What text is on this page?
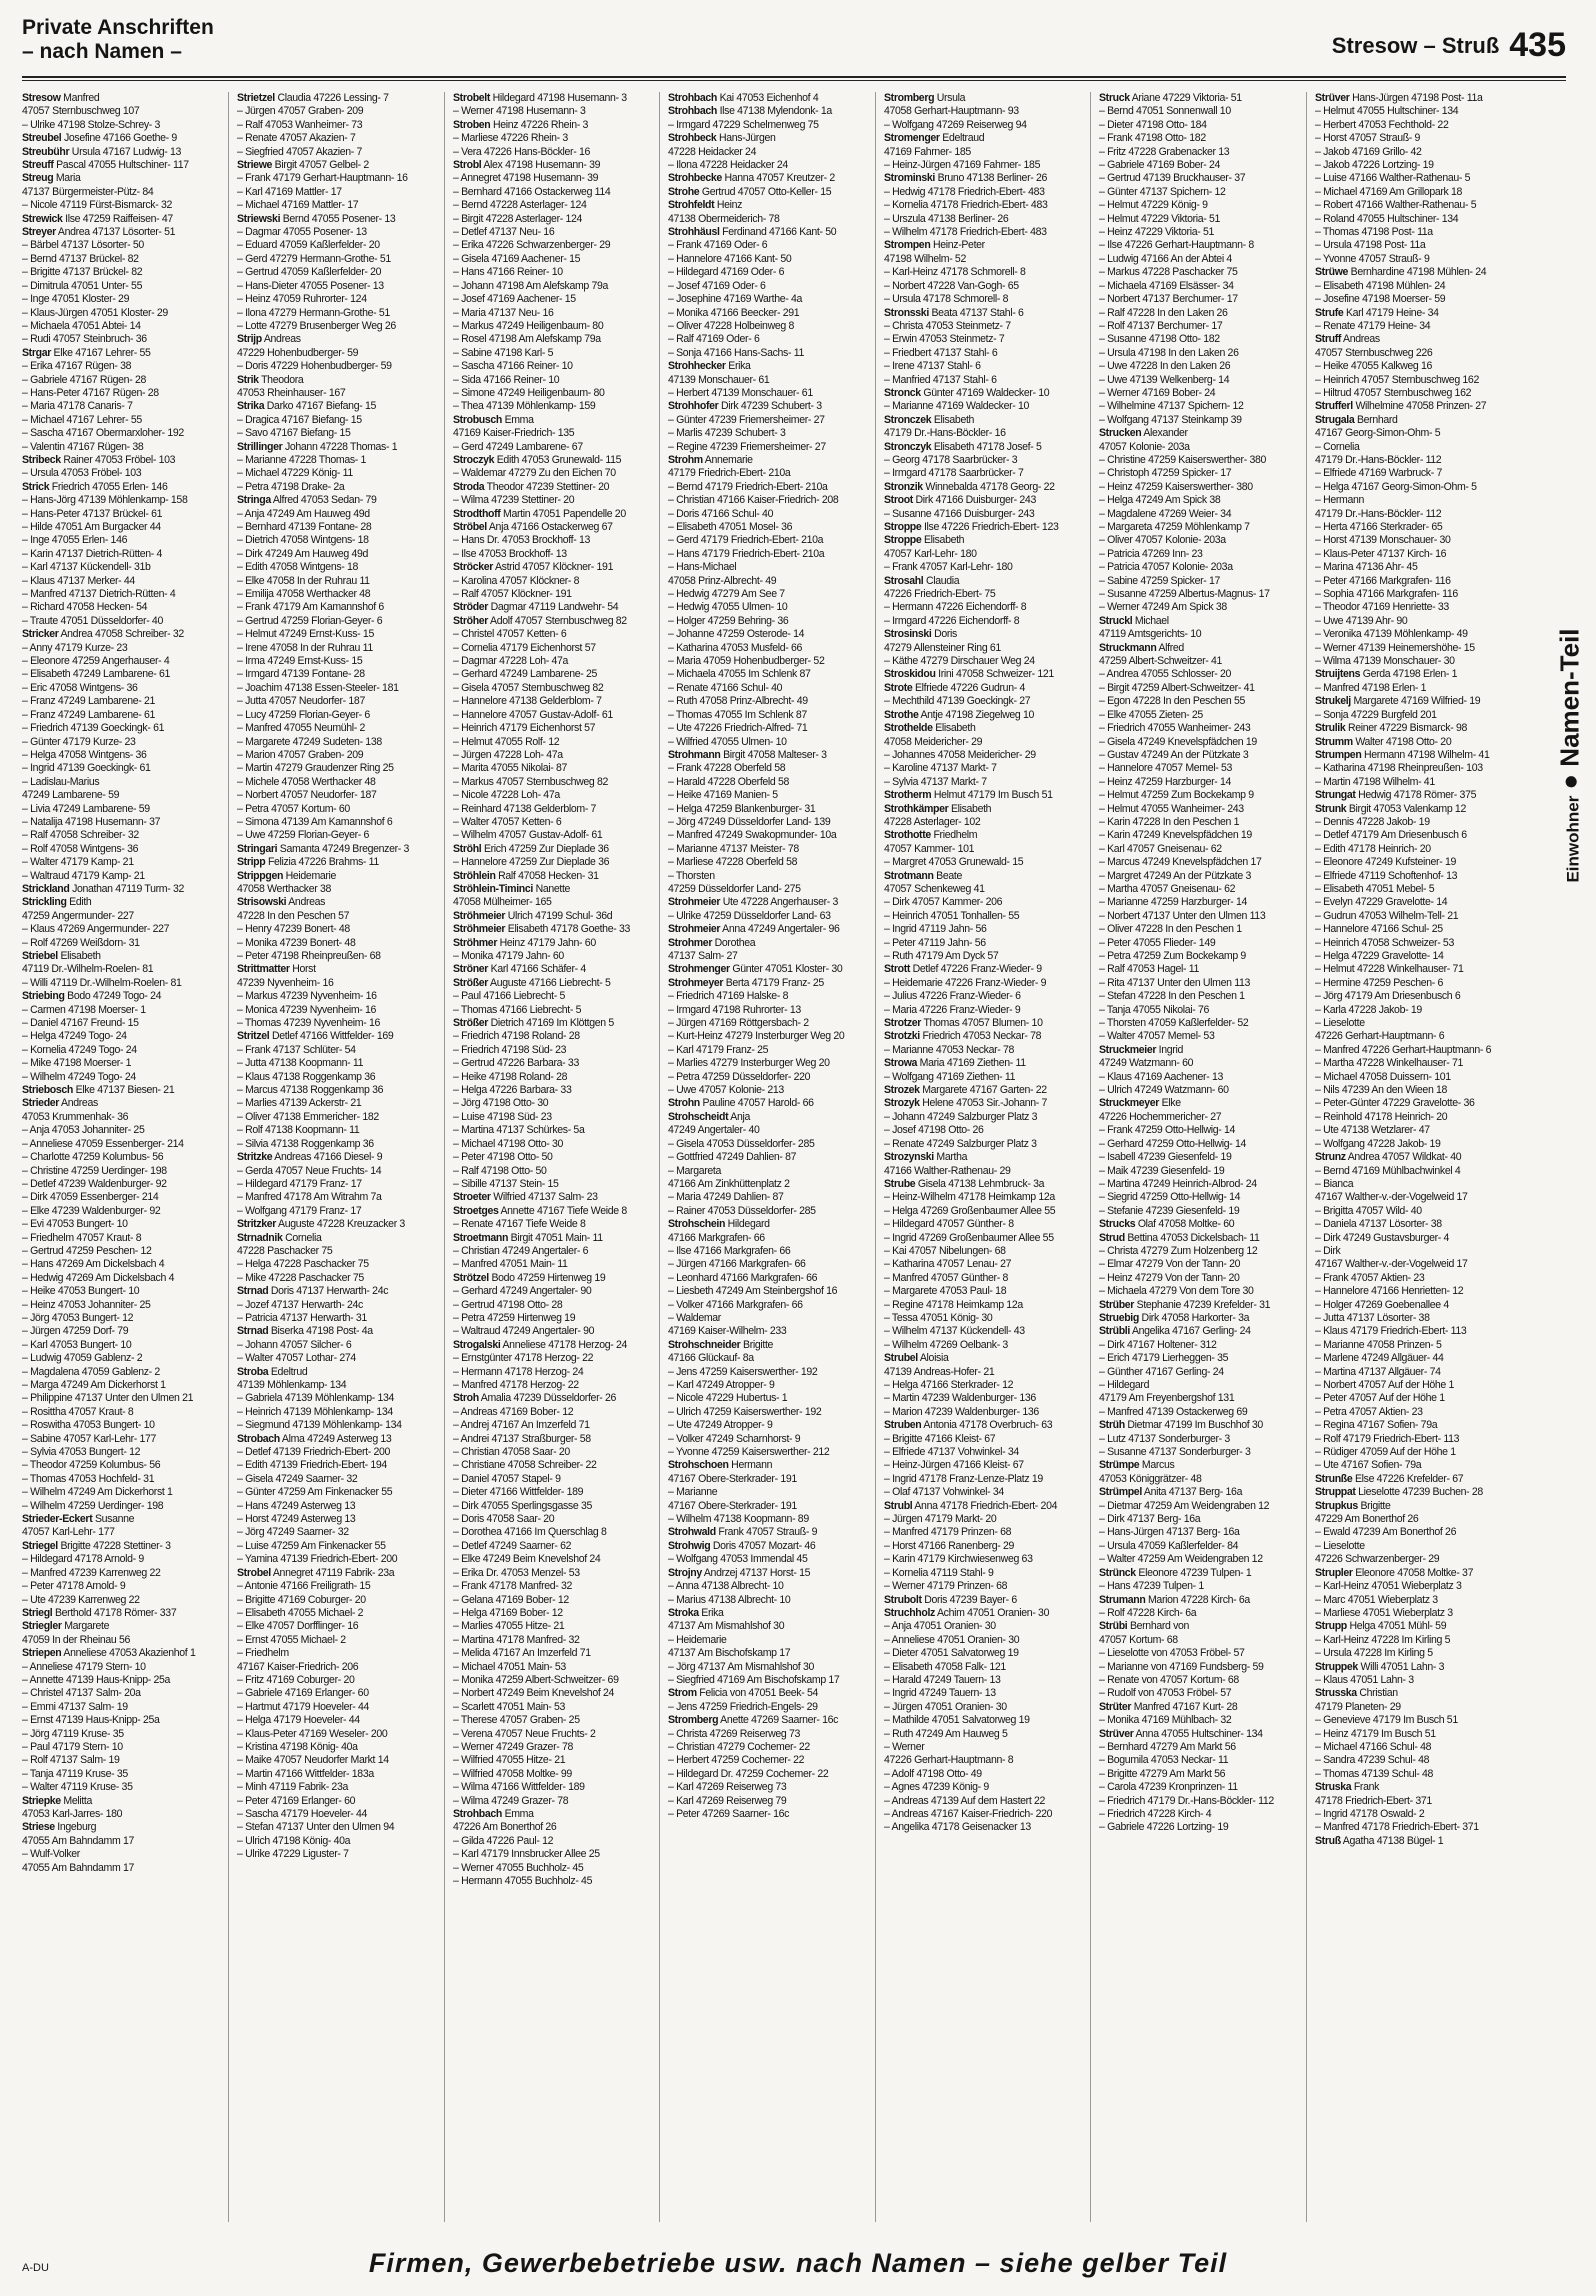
Private Anschriften
– nach Namen –	Stresow – Struß 435
Stresow Manfred
47057 Sternbuschweg 107
– Ulrike 47198 Stolze-Schrey- 3
Streubel Josefine 47166 Goethe- 9
Streubühr Ursula 47167 Ludwig- 13
Streuff Pascal 47055 Hultschiner- 117
Streug Maria
47137 Bürgermeister-Pütz- 84
– Nicole 47119 Fürst-Bismarck- 32
Strewick Ilse 47259 Raiffeisen- 47
Streyer Andrea 47137 Lösorter- 51
– Bärbel 47137 Lösorter- 50
– Bernd 47137 Brückel- 82
– Brigitte 47137 Brückel- 82
– Dimitrula 47051 Unter- 55
– Inge 47051 Kloster- 29
– Klaus-Jürgen 47051 Kloster- 29
– Michaela 47051 Abtei- 14
– Rudi 47057 Steinbruch- 36
Strgar Elke 47167 Lehrer- 55
– Erika 47167 Rügen- 38
– Gabriele 47167 Rügen- 28
– Hans-Peter 47167 Rügen- 28
– Maria 47178 Canaris- 7
– Michael 47167 Lehrer- 55
– Sascha 47167 Obermarxloher- 192
– Valentin 47167 Rügen- 38
Stribeck Rainer 47053 Fröbel- 103
– Ursula 47053 Fröbel- 103
Strick Friedrich 47055 Erlen- 146
– Hans-Jörg 47139 Möhlenkamp- 158
– Hans-Peter 47137 Brückel- 61
– Hilde 47051 Am Burgacker 44
– Inge 47055 Erlen- 146
– Karin 47137 Dietrich-Rütten- 4
– Karl 47137 Kückendell- 31b
– Klaus 47137 Merker- 44
– Manfred 47137 Dietrich-Rütten- 4
– Richard 47058 Hecken- 54
– Traute 47051 Düsseldorfer- 40
Stricker Andrea 47058 Schreiber- 32
– Anny 47179 Kurze- 23
– Eleonore 47259 Angerhauser- 4
– Elisabeth 47249 Lambarene- 61
– Eric 47058 Wintgens- 36
– Franz 47249 Lambarene- 21
– Franz 47249 Lambarene- 61
– Friedrich 47139 Goeckingk- 61
– Günter 47179 Kurze- 23
– Helga 47058 Wintgens- 36
– Ingrid 47139 Goeckingk- 61
– Ladislau-Marius
47249 Lambarene- 59
– Livia 47249 Lambarene- 59
– Natalija 47198 Husemann- 37
– Ralf 47058 Schreiber- 32
– Rolf 47058 Wintgens- 36
– Walter 47179 Kamp- 21
– Waltraud 47179 Kamp- 21
Strickland Jonathan 47119 Turm- 32
Strickling Edith
47259 Angermunder- 227
– Klaus 47269 Angermunder- 227
– Rolf 47269 Weißdorn- 31
Striebel Elisabeth
47119 Dr.-Wilhelm-Roelen- 81
– Willi 47119 Dr.-Wilhelm-Roelen- 81
Striebing Bodo 47249 Togo- 24
– Carmen 47198 Moerser- 1
– Daniel 47167 Freund- 15
– Helga 47249 Togo- 24
– Kornelia 47249 Togo- 24
– Mike 47198 Moerser- 1
– Wilhelm 47249 Togo- 24
Striebosch Elke 47137 Biesen- 21
Strieder Andreas
47053 Krummenhak- 36
– Anja 47053 Johanniter- 25
– Anneliese 47059 Essenberger- 214
– Charlotte 47259 Kolumbus- 56
– Christine 47259 Uerdinger- 198
– Detlef 47239 Waldenburger- 92
– Dirk 47059 Essenberger- 214
– Elke 47239 Waldenburger- 92
– Evi 47053 Bungert- 10
– Friedhelm 47057 Kraut- 8
– Gertrud 47259 Peschen- 12
– Hans 47269 Am Dickelsbach 4
– Hedwig 47269 Am Dickelsbach 4
– Heike 47053 Bungert- 10
– Heinz 47053 Johanniter- 25
– Jörg 47053 Bungert- 12
– Jürgen 47259 Dorf- 79
– Karl 47053 Bungert- 10
– Ludwig 47059 Gablenz- 2
– Magdalena 47059 Gablenz- 2
– Marga 47249 Am Dickerhorst 1
– Philippine 47137 Unter den Ulmen 21
– Rosittha 47057 Kraut- 8
– Roswitha 47053 Bungert- 10
– Sabine 47057 Karl-Lehr- 177
– Sylvia 47053 Bungert- 12
– Theodor 47259 Kolumbus- 56
– Thomas 47053 Hochfeld- 31
– Wilhelm 47249 Am Dickerhorst 1
– Wilhelm 47259 Uerdinger- 198
Strieder-Eckert Susanne
47057 Karl-Lehr- 177
Striegel Brigitte 47228 Stettiner- 3
– Hildegard 47178 Arnold- 9
– Manfred 47239 Karrenweg 22
– Peter 47178 Arnold- 9
– Ute 47239 Karrenweg 22
Striegl Berthold 47178 Römer- 337
Striegler Margarete
47059 In der Rheinau 56
Striepen Anneliese 47053 Akazienhof 1
– Anneliese 47179 Stern- 10
– Annette 47139 Haus-Knipp- 25a
– Christel 47137 Salm- 20a
– Emmi 47137 Salm- 19
– Ernst 47139 Haus-Knipp- 25a
– Jörg 47119 Kruse- 35
– Paul 47179 Stern- 10
– Rolf 47137 Salm- 19
– Tanja 47119 Kruse- 35
– Walter 47119 Kruse- 35
Striepke Melitta
47053 Karl-Jarres- 180
Striese Ingeburg
47055 Am Bahndamm 17
– Wulf-Volker
47055 Am Bahndamm 17
Strietzel Claudia 47226 Lessing- 7
– Jürgen 47057 Graben- 209
– Ralf 47053 Wanheimer- 73
– Renate 47057 Akazien- 7
– Siegfried 47057 Akazien- 7
Striewe Birgit 47057 Gelbel- 2
– Frank 47179 Gerhart-Hauptmann- 16
– Karl 47169 Mattler- 17
– Michael 47169 Mattler- 17
Striewski Bernd 47055 Posener- 13
– Dagmar 47055 Posener- 13
– Eduard 47059 Kaßlerfelder- 20
– Gerd 47279 Hermann-Grothe- 51
– Gertrud 47059 Kaßlerfelder- 20
– Hans-Dieter 47055 Posener- 13
– Heinz 47059 Ruhrorter- 124
– Ilona 47279 Hermann-Grothe- 51
– Lotte 47279 Brusenberger Weg 26
Strijp Andreas
47229 Hohenbudberger- 59
– Doris 47229 Hohenbudberger- 59
Strik Theodora
47053 Rheinhauser- 167
Strika Darko 47167 Biefang- 15
– Dragica 47167 Biefang- 15
– Savo 47167 Biefang- 15
Strillinger Johann 47228 Thomas- 1
– Marianne 47228 Thomas- 1
– Michael 47229 König- 11
– Petra 47198 Drake- 2a
Stringa Alfred 47053 Sedan- 79
– Anja 47249 Am Hauweg 49d
– Bernhard 47139 Fontane- 28
– Dietrich 47058 Wintgens- 18
– Dirk 47249 Am Hauweg 49d
– Edith 47058 Wintgens- 18
– Elke 47058 In der Ruhrau 11
– Emilija 47058 Werthacker 48
– Frank 47179 Am Kamannshof 6
– Gertrud 47259 Florian-Geyer- 6
– Helmut 47249 Ernst-Kuss- 15
– Irene 47058 In der Ruhrau 11
– Irma 47249 Ernst-Kuss- 15
– Irmgard 47139 Fontane- 28
– Joachim 47138 Essen-Steeler- 181
– Jutta 47057 Neudorfer- 187
– Lucy 47259 Florian-Geyer- 6
– Manfred 47055 Neumühl- 2
– Margarete 47249 Sudeten- 138
– Marion 47057 Graben- 209
– Martin 47279 Graudenzer Ring 25
– Michele 47058 Werthacker 48
– Norbert 47057 Neudorfer- 187
– Petra 47057 Kortum- 60
– Simona 47139 Am Kamannshof 6
– Uwe 47259 Florian-Geyer- 6
Stringari Samanta 47249 Bregenzer- 3
Stripp Felizia 47226 Brahms- 11
Strippgen Heidemarie
47058 Werthacker 38
Strisowski Andreas
47228 In den Peschen 57
– Henry 47239 Bonert- 48
– Monika 47239 Bonert- 48
– Peter 47198 Rheinpreußen- 68
Strittmatter Horst
47239 Nyvenheim- 16
– Markus 47239 Nyvenheim- 16
– Monica 47239 Nyvenheim- 16
– Thomas 47239 Nyvenheim- 16
Stritzel Detlef 47166 Wittfelder- 169
– Frank 47137 Schlüter- 54
– Jutta 47138 Koopmann- 11
– Klaus 47138 Roggenkamp 36
– Marcus 47138 Roggenkamp 36
– Marlies 47139 Ackerstr- 21
– Oliver 47138 Emmericher- 182
– Rolf 47138 Koopmann- 11
– Silvia 47138 Roggenkamp 36
Stritzke Andreas 47166 Diesel- 9
– Gerda 47057 Neue Fruchts- 14
– Hildegard 47179 Franz- 17
– Manfred 47178 Am Witrahm 7a
– Wolfgang 47179 Franz- 17
Stritzker Auguste 47228 Kreuzacker 3
Strnadnik Cornelia
47228 Paschacker 75
– Helga 47228 Paschacker 75
– Mike 47228 Paschacker 75
Strnad Doris 47137 Herwarth- 24c
– Jozef 47137 Herwarth- 24c
– Patricia 47137 Herwarth- 31
Strnad Biserka 47198 Post- 4a
– Johann 47057 Silcher- 6
– Walter 47057 Lothar- 274
Stroba Edeltrud
47139 Möhlenkamp- 134
– Gabriela 47139 Möhlenkamp- 134
– Heinrich 47139 Möhlenkamp- 134
– Siegmund 47139 Möhlenkamp- 134
Strobach Alma 47249 Asterweg 13
– Detlef 47139 Friedrich-Ebert- 200
– Edith 47139 Friedrich-Ebert- 194
– Gisela 47249 Saarner- 32
– Günter 47259 Am Finkenacker 55
– Hans 47249 Asterweg 13
– Horst 47249 Asterweg 13
– Jörg 47249 Saarner- 32
– Luise 47259 Am Finkenacker 55
– Yamina 47139 Friedrich-Ebert- 200
Strobel Annegret 47119 Fabrik- 23a
– Antonie 47166 Freiligrath- 15
– Brigitte 47169 Coburger- 20
– Elisabeth 47055 Michael- 2
– Elke 47057 Dorfflinger- 16
– Ernst 47055 Michael- 2
– Friedhelm
47167 Kaiser-Friedrich- 206
– Fritz 47169 Coburger- 20
– Gabriele 47169 Erlanger- 60
– Hartmut 47179 Hoeveler- 44
– Helga 47179 Hoeveler- 44
– Klaus-Peter 47169 Weseler- 200
– Kristina 47198 König- 40a
– Maike 47057 Neudorfer Markt 14
– Martin 47166 Wittfelder- 183a
– Minh 47119 Fabrik- 23a
– Peter 47169 Erlanger- 60
– Sascha 47179 Hoeveler- 44
– Stefan 47137 Unter den Ulmen 94
– Ulrich 47198 König- 40a
– Ulrike 47229 Liguster- 7
Strobelt Hildegard 47198 Husemann- 3
– Werner 47198 Husemann- 3
Stroben Heinz 47226 Rhein- 3
– Marliese 47226 Rhein- 3
– Vera 47226 Hans-Böckler- 16
Strobl Alex 47198 Husemann- 39
– Annegret 47198 Husemann- 39
– Bernhard 47166 Ostackerweg 114
– Bernd 47228 Asterlager- 124
– Birgit 47228 Asterlager- 124
– Detlef 47137 Neu- 16
– Erika 47226 Schwarzenberger- 29
– Gisela 47169 Aachener- 15
– Hans 47166 Reiner- 10
– Johann 47198 Am Alefskamp 79a
– Josef 47169 Aachener- 15
– Maria 47137 Neu- 16
– Markus 47249 Heiligenbaum- 80
– Rosel 47198 Am Alefskamp 79a
– Sabine 47198 Karl- 5
– Sascha 47166 Reiner- 10
– Sida 47166 Reiner- 10
– Simone 47249 Heiligenbaum- 80
– Thea 47139 Möhlenkamp- 159
Strobusch Emma
47169 Kaiser-Friedrich- 135
– Gerd 47249 Lambarene- 67
Stroczyk Edith 47053 Grunewald- 115
– Waldemar 47279 Zu den Eichen 70
Stroda Theodor 47239 Stettiner- 20
– Wilma 47239 Stettiner- 20
Strodthoff Martin 47051 Papendelle 20
Ströbel Anja 47166 Ostackerweg 67
– Hans Dr. 47053 Brockhoff- 13
– Ilse 47053 Brockhoff- 13
Ströcker Astrid 47057 Klöckner- 191
– Karolina 47057 Klöckner- 8
– Ralf 47057 Klöckner- 191
Ströder Dagmar 47119 Landwehr- 54
Ströher Adolf 47057 Sternbuschweg 82
– Christel 47057 Ketten- 6
– Cornelia 47179 Eichenhorst 57
– Dagmar 47228 Loh- 47a
– Gerhard 47249 Lambarene- 25
– Gisela 47057 Sternbuschweg 82
– Hannelore 47138 Gelderblom- 7
– Hannelore 47057 Gustav-Adolf- 61
– Heinrich 47179 Eichenhorst 57
– Helmut 47055 Rolf- 12
– Jürgen 47228 Loh- 47a
– Marita 47055 Nikolai- 87
– Markus 47057 Sternbuschweg 82
– Nicole 47228 Loh- 47a
– Reinhard 47138 Gelderblom- 7
– Walter 47057 Ketten- 6
– Wilhelm 47057 Gustav-Adolf- 61
Ströhl Erich 47259 Zur Dieplade 36
– Hannelore 47259 Zur Dieplade 36
Ströhlein Ralf 47058 Hecken- 31
Ströhlein-Timinci Nanette
47058 Mülheimer- 165
Ströhmeier Ulrich 47199 Schul- 36d
Ströhmeier Elisabeth 47178 Goethe- 33
Ströhmer Heinz 47179 Jahn- 60
– Monika 47179 Jahn- 60
Ströner Karl 47166 Schäfer- 4
Strößer Auguste 47166 Liebrecht- 5
– Paul 47166 Liebrecht- 5
– Thomas 47166 Liebrecht- 5
Strößer Dietrich 47169 Im Klöttgen 5
– Friedrich 47198 Roland- 28
– Friedrich 47198 Süd- 23
– Gertrud 47226 Barbara- 33
– Heike 47198 Roland- 28
– Helga 47226 Barbara- 33
– Jörg 47198 Otto- 30
– Luise 47198 Süd- 23
– Martina 47137 Schürkes- 5a
– Michael 47198 Otto- 30
– Peter 47198 Otto- 50
– Ralf 47198 Otto- 50
– Sibille 47137 Stein- 15
Stroeter Wilfried 47137 Salm- 23
Stroetges Annette 47167 Tiefe Weide 8
– Renate 47167 Tiefe Weide 8
Stroetmann Birgit 47051 Main- 11
– Christian 47249 Angertaler- 6
– Manfred 47051 Main- 11
Strötzel Bodo 47259 Hirtenweg 19
– Gerhard 47249 Angertaler- 90
– Gertrud 47198 Otto- 28
– Petra 47259 Hirtenweg 19
– Waltraud 47249 Angertaler- 90
Strogalski Anneliese 47178 Herzog- 24
– Ernstgünter 47178 Herzog- 22
– Hermann 47178 Herzog- 24
– Manfred 47178 Herzog- 22
Stroh Amalia 47239 Düsseldorfer- 26
– Andreas 47169 Bober- 12
– Andrej 47167 An Imzerfeld 71
– Andrei 47137 Straßburger- 58
– Christian 47058 Saar- 20
– Christiane 47058 Schreiber- 22
– Daniel 47057 Stapel- 9
– Dieter 47166 Wittfelder- 189
– Dirk 47055 Sperlingsgasse 35
– Doris 47058 Saar- 20
– Dorothea 47166 Im Querschlag 8
– Detlef 47249 Saarner- 62
– Elke 47249 Beim Knevelshof 24
– Erika Dr. 47053 Menzel- 53
– Frank 47178 Manfred- 32
– Gelana 47169 Bober- 12
– Helga 47169 Bober- 12
– Marlies 47055 Hitze- 21
– Martina 47178 Manfred- 32
– Melida 47167 An Imzerfeld 71
– Michael 47051 Main- 53
– Monika 47259 Albert-Schweitzer- 69
– Norbert 47249 Beim Knevelshof 24
– Scarlett 47051 Main- 53
– Therese 47057 Graben- 25
– Verena 47057 Neue Fruchts- 2
– Werner 47249 Grazer- 78
– Wilfried 47055 Hitze- 21
– Wilfried 47058 Moltke- 99
– Wilma 47166 Wittfelder- 189
– Wilma 47249 Grazer- 78
Strohbach Emma
47226 Am Bonerthof 26
– Gilda 47226 Paul- 12
– Karl 47179 Innsbrucker Allee 25
– Werner 47055 Buchholz- 45
– Hermann 47055 Buchholz- 45
Strohbach Kai 47053 Eichenhof 4
Strohbach Ilse 47138 Mylendonk- 1a
– Irmgard 47229 Schelmenweg 75
Strohbeck Hans-Jürgen
47228 Heidacker 24
– Ilona 47228 Heidacker 24
Strohbecke Hanna 47057 Kreutzer- 2
Strohe Gertrud 47057 Otto-Keller- 15
Strohfeldt Heinz
47138 Obermeiderich- 78
Strohhäusl Ferdinand 47166 Kant- 50
– Frank 47169 Oder- 6
– Hannelore 47166 Kant- 50
– Hildegard 47169 Oder- 6
– Josef 47169 Oder- 6
– Josephine 47169 Warthe- 4a
– Monika 47166 Beecker- 291
– Oliver 47228 Holbeinweg 8
– Ralf 47169 Oder- 6
– Sonja 47166 Hans-Sachs- 11
Strohhecker Erika
47139 Monschauer- 61
– Herbert 47139 Monschauer- 61
Strohhofer Dirk 47239 Schubert- 3
– Günter 47239 Friemersheimer- 27
– Marlis 47239 Schubert- 3
– Regine 47239 Friemersheimer- 27
Strohm Annemarie
47179 Friedrich-Ebert- 210a
– Bernd 47179 Friedrich-Ebert- 210a
– Christian 47166 Kaiser-Friedrich- 208
– Doris 47166 Schul- 40
– Elisabeth 47051 Mosel- 36
– Gerd 47179 Friedrich-Ebert- 210a
– Hans 47179 Friedrich-Ebert- 210a
– Hans-Michael
47058 Prinz-Albrecht- 49
– Hedwig 47279 Am See 7
– Hedwig 47055 Ulmen- 10
– Holger 47259 Behring- 36
– Johanne 47259 Osterode- 14
– Katharina 47053 Musfeld- 66
– Maria 47059 Hohenbudberger- 52
– Michaela 47055 Im Schlenk 87
– Renate 47166 Schul- 40
– Ruth 47058 Prinz-Albrecht- 49
– Thomas 47055 Im Schlenk 87
– Ute 47226 Friedrich-Alfred- 71
– Wilfried 47055 Ulmen- 10
Strohmann Birgit 47058 Malteser- 3
– Frank 47228 Oberfeld 58
– Harald 47228 Oberfeld 58
– Heike 47169 Manien- 5
– Helga 47259 Blankenburger- 31
– Jörg 47249 Düsseldorfer Land- 139
– Manfred 47249 Swakopmunder- 10a
– Marianne 47137 Meister- 78
– Marliese 47228 Oberfeld 58
– Thorsten
47259 Düsseldorfer Land- 275
Strohmeier Ute 47228 Angerhauser- 3
– Ulrike 47259 Düsseldorfer Land- 63
Strohmeier Anna 47249 Angertaler- 96
Strohmer Dorothea
47137 Salm- 27
Strohmenger Günter 47051 Kloster- 30
Strohmeyer Berta 47179 Franz- 25
– Friedrich 47169 Halske- 8
– Irmgard 47198 Ruhrorter- 13
– Jürgen 47169 Röttgersbach- 2
– Kurt-Heinz 47279 Insterburger Weg 20
– Karl 47179 Franz- 25
– Marlies 47279 Insterburger Weg 20
– Petra 47259 Düsseldorfer- 220
– Uwe 47057 Kolonie- 213
Strohn Pauline 47057 Harold- 66
Strohscheidt Anja
47249 Angertaler- 40
– Gisela 47053 Düsseldorfer- 285
– Gottfried 47249 Dahlien- 87
– Margareta
47166 Am Zinkhüttenplatz 2
– Maria 47249 Dahlien- 87
– Rainer 47053 Düsseldorfer- 285
Strohschein Hildegard
47166 Markgrafen- 66
– Ilse 47166 Markgrafen- 66
– Jürgen 47166 Markgrafen- 66
– Leonhard 47166 Markgrafen- 66
– Liesbeth 47249 Am Steinbergshof 16
– Volker 47166 Markgrafen- 66
– Waldemar
47169 Kaiser-Wilhelm- 233
Strohschneider Brigitte
47166 Glückauf- 8a
– Jens 47259 Kaiserswerther- 192
– Karl 47249 Atropper- 9
– Nicole 47229 Hubertus- 1
– Ulrich 47259 Kaiserswerther- 192
– Ute 47249 Atropper- 9
– Volker 47249 Scharnhorst- 9
– Yvonne 47259 Kaiserswerther- 212
Strohschoen Hermann
47167 Obere-Sterkrader- 191
– Marianne
47167 Obere-Sterkrader- 191
– Wilhelm 47138 Koopmann- 89
Strohwald Frank 47057 Strauß- 9
Strohwig Doris 47057 Mozart- 46
– Wolfgang 47053 Immendal 45
Strojny Andrzej 47137 Horst- 15
– Anna 47138 Albrecht- 10
– Marius 47138 Albrecht- 10
Stroka Erika
47137 Am Mismahlshof 30
– Heidemarie
47137 Am Bischofskamp 17
– Jörg 47137 Am Mismahlshof 30
– Siegfried 47169 Am Bischofskamp 17
Strom Felicia von 47051 Beek- 54
– Jens 47259 Friedrich-Engels- 29
Stromberg Anette 47269 Saarner- 16c
– Christa 47269 Reiserweg 73
– Christian 47279 Cochemer- 22
– Herbert 47259 Cochemer- 22
– Hildegard Dr. 47259 Cochemer- 22
– Karl 47269 Reiserweg 73
– Karl 47269 Reiserweg 79
– Peter 47269 Saarner- 16c
Stromberg Ursula
47058 Gerhart-Hauptmann- 93
– Wolfgang 47269 Reiserweg 94
Stromenger Edeltraud
47169 Fahrner- 185
– Heinz-Jürgen 47169 Fahrner- 185
Strominski Bruno 47138 Berliner- 26
– Hedwig 47178 Friedrich-Ebert- 483
– Kornelia 47178 Friedrich-Ebert- 483
– Urszula 47138 Berliner- 26
– Wilhelm 47178 Friedrich-Ebert- 483
Strompen Heinz-Peter
47198 Wilhelm- 52
– Karl-Heinz 47178 Schmorell- 8
– Norbert 47228 Van-Gogh- 65
– Ursula 47178 Schmorell- 8
Stronsski Beata 47137 Stahl- 6
– Christa 47053 Steinmetz- 7
– Erwin 47053 Steinmetz- 7
– Friedbert 47137 Stahl- 6
– Irene 47137 Stahl- 6
– Manfried 47137 Stahl- 6
Stronck Günter 47169 Waldecker- 10
– Marianne 47169 Waldecker- 10
Stronczek Elisabeth
47179 Dr.-Hans-Böckler- 16
Stronczyk Elisabeth 47178 Josef- 5
– Georg 47178 Saarbrücker- 3
– Irmgard 47178 Saarbrücker- 7
Stronzik Winnebalda 47178 Georg- 22
Stroot Dirk 47166 Duisburger- 243
– Susanne 47166 Duisburger- 243
Stroppe Ilse 47226 Friedrich-Ebert- 123
Stroppe Elisabeth
47057 Karl-Lehr- 180
– Frank 47057 Karl-Lehr- 180
Strosahl Claudia
47226 Friedrich-Ebert- 75
– Hermann 47226 Eichendorff- 8
– Irmgard 47226 Eichendorff- 8
Strosinski Doris
47279 Allensteiner Ring 61
– Käthe 47279 Dirschauer Weg 24
Stroskidou Irini 47058 Schweizer- 121
Strote Elfriede 47226 Gudrun- 4
– Mechthild 47139 Goeckingk- 27
Strothe Antje 47198 Ziegelweg 10
Strothelde Elisabeth
47058 Meidericher- 29
– Johannes 47058 Meidericher- 29
– Karoline 47137 Markt- 7
– Sylvia 47137 Markt- 7
Strotherm Helmut 47179 Im Busch 51
Strothkämper Elisabeth
47228 Asterlager- 102
Strothotte Friedhelm
47057 Kammer- 101
– Margret 47053 Grunewald- 15
Strotmann Beate
47057 Schenkeweg 41
– Dirk 47057 Kammer- 206
– Heinrich 47051 Tonhallen- 55
– Ingrid 47119 Jahn- 56
– Peter 47119 Jahn- 56
– Ruth 47179 Am Dyck 57
Strott Detlef 47226 Franz-Wieder- 9
– Heidemarie 47226 Franz-Wieder- 9
– Julius 47226 Franz-Wieder- 6
– Maria 47226 Franz-Wieder- 9
Strotzer Thomas 47057 Blumen- 10
Strotzki Friedrich 47053 Neckar- 78
– Marianne 47053 Neckar- 78
Strowa Maria 47169 Ziethen- 11
– Wolfgang 47169 Ziethen- 11
Strozek Margarete 47167 Garten- 22
Strozyk Helene 47053 Sir.-Johann- 7
– Johann 47249 Salzburger Platz 3
– Josef 47198 Otto- 26
– Renate 47249 Salzburger Platz 3
Strozynski Martha
47166 Walther-Rathenau- 29
Strube Gisela 47138 Lehmbruck- 3a
– Heinz-Wilhelm 47178 Heimkamp 12a
– Helga 47269 Großenbaumer Allee 55
– Hildegard 47057 Günther- 8
– Ingrid 47269 Großenbaumer Allee 55
– Kai 47057 Nibelungen- 68
– Katharina 47057 Lenau- 27
– Manfred 47057 Günther- 8
– Margarete 47053 Paul- 18
– Regine 47178 Heimkamp 12a
– Tessa 47051 König- 30
– Wilhelm 47137 Kückendell- 43
– Wilhelm 47269 Oelbank- 3
Strubel Aloisia
47139 Andreas-Hofer- 21
– Helga 47166 Sterkrader- 12
– Martin 47239 Waldenburger- 136
– Marion 47239 Waldenburger- 136
Struben Antonia 47178 Overbruch- 63
– Brigitte 47166 Kleist- 67
– Elfriede 47137 Vohwinkel- 34
– Heinz-Jürgen 47166 Kleist- 67
– Ingrid 47178 Franz-Lenze-Platz 19
– Olaf 47137 Vohwinkel- 34
Strubl Anna 47178 Friedrich-Ebert- 204
– Jürgen 47179 Markt- 20
– Manfred 47179 Prinzen- 68
– Horst 47166 Ranenberg- 29
– Karin 47179 Kirchwiesenweg 63
– Kornelia 47119 Stahl- 9
– Werner 47179 Prinzen- 68
Strubolt Doris 47239 Bayer- 6
Struchholz Achim 47051 Oranien- 30
– Anja 47051 Oranien- 30
– Anneliese 47051 Oranien- 30
– Dieter 47051 Salvatorweg 19
– Elisabeth 47058 Falk- 121
– Harald 47249 Tauern- 13
– Ingrid 47249 Tauern- 13
– Jürgen 47051 Oranien- 30
– Mathilde 47051 Salvatorweg 19
– Ruth 47249 Am Hauweg 5
– Werner
47226 Gerhart-Hauptmann- 8
– Adolf 47198 Otto- 49
– Agnes 47239 König- 9
– Andreas 47139 Auf dem Hastert 22
– Andreas 47167 Kaiser-Friedrich- 220
– Angelika 47178 Geisenacker 13
Struck Ariane 47229 Viktoria- 51
– Bernd 47051 Sonnenwall 10
– Dieter 47198 Otto- 184
– Frank 47198 Otto- 182
– Fritz 47228 Grabenacker 13
– Gabriele 47169 Bober- 24
– Gertrud 47139 Bruckhauser- 37
– Günter 47137 Spichern- 12
– Helmut 47229 König- 9
– Helmut 47229 Viktoria- 51
– Heinz 47229 Viktoria- 51
– Ilse 47226 Gerhart-Hauptmann- 8
– Ludwig 47166 An der Abtei 4
– Markus 47228 Paschacker 75
– Michaela 47169 Elsässer- 34
– Norbert 47137 Berchumer- 17
– Ralf 47228 In den Laken 26
– Rolf 47137 Berchumer- 17
– Susanne 47198 Otto- 182
– Ursula 47198 In den Laken 26
– Uwe 47228 In den Laken 26
– Uwe 47139 Welkenberg- 14
– Werner 47169 Bober- 24
– Wilhelmine 47137 Spichern- 12
– Wolfgang 47137 Steinkamp 39
Strucken Alexander
47057 Kolonie- 203a
– Christine 47259 Kaiserswerther- 380
– Christoph 47259 Spicker- 17
– Heinz 47259 Kaiserswerther- 380
– Helga 47249 Am Spick 38
– Magdalene 47269 Weier- 34
– Margareta 47259 Möhlenkamp 7
– Oliver 47057 Kolonie- 203a
– Patricia 47269 Inn- 23
– Patricia 47057 Kolonie- 203a
– Sabine 47259 Spicker- 17
– Susanne 47259 Albertus-Magnus- 17
– Werner 47249 Am Spick 38
Struckl Michael
47119 Amtsgerichts- 10
Struckmann Alfred
47259 Albert-Schweitzer- 41
– Andrea 47055 Schlosser- 20
– Birgit 47259 Albert-Schweitzer- 41
– Egon 47228 In den Peschen 55
– Elke 47055 Zieten- 25
– Friedrich 47055 Wanheimer- 243
– Gisela 47249 Knevelspfädchen 19
– Gustav 47249 An der Pützkate 3
– Hannelore 47057 Memel- 53
– Heinz 47259 Harzburger- 14
– Helmut 47259 Zum Bockekamp 9
– Helmut 47055 Wanheimer- 243
– Karin 47228 In den Peschen 1
– Karin 47249 Knevelspfädchen 19
– Karl 47057 Gneisenau- 62
– Marcus 47249 Knevelspfädchen 17
– Margret 47249 An der Pützkate 3
– Martha 47057 Gneisenau- 62
– Marianne 47259 Harzburger- 14
– Norbert 47137 Unter den Ulmen 113
– Oliver 47228 In den Peschen 1
– Peter 47055 Flieder- 149
– Petra 47259 Zum Bockekamp 9
– Ralf 47053 Hagel- 11
– Rita 47137 Unter den Ulmen 113
– Stefan 47228 In den Peschen 1
– Tanja 47055 Nikolai- 76
– Thorsten 47059 Kaßlerfelder- 52
– Walter 47057 Memel- 53
Struckmeier Ingrid
47249 Watzmann- 60
– Klaus 47169 Aachener- 13
– Ulrich 47249 Watzmann- 60
Struckmeyer Elke
47226 Hochemmericher- 27
– Frank 47259 Otto-Hellwig- 14
– Gerhard 47259 Otto-Hellwig- 14
– Isabell 47239 Giesenfeld- 19
– Maik 47239 Giesenfeld- 19
– Martina 47249 Heinrich-Albrod- 24
– Siegrid 47259 Otto-Hellwig- 14
– Stefanie 47239 Giesenfeld- 19
Strucks Olaf 47058 Moltke- 60
Strud Bettina 47053 Dickelsbach- 11
– Christa 47279 Zum Holzenberg 12
– Elmar 47279 Von der Tann- 20
– Heinz 47279 Von der Tann- 20
– Michaela 47279 Von dem Tore 30
Strüber Stephanie 47239 Krefelder- 31
Struebig Dirk 47058 Harkorter- 3a
Strübli Angelika 47167 Gerling- 24
– Dirk 47167 Holtener- 312
– Erich 47179 Lierheggen- 35
– Günther 47167 Gerling- 24
– Hildegard
47179 Am Freyenbergshof 131
– Manfred 47139 Ostackerweg 69
Strüh Dietmar 47199 Im Buschhof 30
– Lutz 47137 Sonderburger- 3
– Susanne 47137 Sonderburger- 3
Strümpe Marcus
47053 Königgrätzer- 48
Strümpel Anita 47137 Berg- 16a
– Dietmar 47259 Am Weidengraben 12
– Dirk 47137 Berg- 16a
– Hans-Jürgen 47137 Berg- 16a
– Ursula 47059 Kaßlerfelder- 84
– Walter 47259 Am Weidengraben 12
Strünck Eleonore 47239 Tulpen- 1
– Hans 47239 Tulpen- 1
Strumann Marion 47228 Kirch- 6a
– Rolf 47228 Kirch- 6a
Strübi Bernhard von
47057 Kortum- 68
– Lieselotte von 47053 Fröbel- 57
– Marianne von 47169 Fundsberg- 59
– Renate von 47057 Kortum- 68
– Rudolf von 47053 Fröbel- 57
Strüter Manfred 47167 Kurt- 28
– Monika 47169 Mühlbach- 32
Strüver Anna 47055 Hultschiner- 134
– Bernhard 47279 Am Markt 56
– Bogumila 47053 Neckar- 11
– Brigitte 47279 Am Markt 56
– Carola 47239 Kronprinzen- 11
– Friedrich 47179 Dr.-Hans-Böckler- 112
– Friedrich 47228 Kirch- 4
– Gabriele 47226 Lortzing- 19
Strüver Hans-Jürgen 47198 Post- 11a
– Helmut 47055 Hultschiner- 134
– Herbert 47053 Fechthold- 22
– Horst 47057 Strauß- 9
– Jakob 47169 Grillo- 42
– Jakob 47226 Lortzing- 19
– Luise 47166 Walther-Rathenau- 5
– Michael 47169 Am Grillopark 18
– Robert 47166 Walther-Rathenau- 5
– Roland 47055 Hultschiner- 134
– Thomas 47198 Post- 11a
– Ursula 47198 Post- 11a
– Yvonne 47057 Strauß- 9
Strüwe Bernhardine 47198 Mühlen- 24
– Elisabeth 47198 Mühlen- 24
– Josefine 47198 Moerser- 59
Strufe Karl 47179 Heine- 34
– Renate 47179 Heine- 34
Struff Andreas
47057 Sternbuschweg 226
– Heike 47055 Kalkweg 16
– Heinrich 47057 Sternbuschweg 162
– Hiltrud 47057 Sternbuschweg 162
Strufferl Wilhelmine 47058 Prinzen- 27
Strugala Bernhard
47167 Georg-Simon-Ohm- 5
– Cornelia
47179 Dr.-Hans-Böckler- 112
– Elfriede 47169 Warbruck- 7
– Helga 47167 Georg-Simon-Ohm- 5
– Hermann
47179 Dr.-Hans-Böckler- 112
– Herta 47166 Sterkrader- 65
– Horst 47139 Monschauer- 30
– Klaus-Peter 47137 Kirch- 16
– Marina 47136 Ahr- 45
– Peter 47166 Markgrafen- 116
– Sophia 47166 Markgrafen- 116
– Theodor 47169 Henriette- 33
– Uwe 47139 Ahr- 90
– Veronika 47139 Möhlenkamp- 49
– Werner 47139 Heinemershöhe- 15
– Wilma 47139 Monschauer- 30
Struijtens Gerda 47198 Erlen- 1
– Manfred 47198 Erlen- 1
Strukelj Margarete 47169 Wilfried- 19
– Sonja 47229 Burgfeld 201
Strulik Reiner 47229 Bismarck- 98
Strumm Walter 47198 Otto- 20
Strumpen Hermann 47198 Wilhelm- 41
– Katharina 47198 Rheinpreußen- 103
– Martin 47198 Wilhelm- 41
Strungat Hedwig 47178 Römer- 375
Strunk Birgit 47053 Valenkamp 12
– Dennis 47228 Jakob- 19
– Detlef 47179 Am Driesenbusch 6
– Edith 47178 Heinrich- 20
– Eleonore 47249 Kufsteiner- 19
– Elfriede 47119 Schoftenhof- 13
– Elisabeth 47051 Mebel- 5
– Evelyn 47229 Gravelotte- 14
– Gudrun 47053 Wilhelm-Tell- 21
– Hannelore 47166 Schul- 25
– Heinrich 47058 Schweizer- 53
– Helga 47229 Gravelotte- 14
– Helmut 47228 Winkelhauser- 71
– Hermine 47259 Peschen- 6
– Jörg 47179 Am Driesenbusch 6
– Karla 47228 Jakob- 19
– Lieselotte
47226 Gerhart-Hauptmann- 6
– Manfred 47226 Gerhart-Hauptmann- 6
– Martha 47228 Winkelhauser- 71
– Michael 47058 Duissern- 101
– Nils 47239 An den Wieen 18
– Peter-Günter 47229 Gravelotte- 36
– Reinhold 47178 Heinrich- 20
– Ute 47138 Wetzlarer- 47
– Wolfgang 47228 Jakob- 19
Strunz Andrea 47057 Wildkat- 40
– Bernd 47169 Mühlbachwinkel 4
– Bianca
47167 Walther-v.-der-Vogelweid 17
– Brigitta 47057 Wild- 40
– Daniela 47137 Lösorter- 38
– Dirk 47249 Gustavsburger- 4
– Dirk
47167 Walther-v.-der-Vogelweid 17
– Frank 47057 Aktien- 23
– Hannelore 47166 Henrietten- 12
– Holger 47269 Goebenallee 4
– Jutta 47137 Lösorter- 38
– Klaus 47179 Friedrich-Ebert- 113
– Marianne 47058 Prinzen- 5
– Marlene 47249 Allgäuer- 44
– Martina 47137 Allgäuer- 74
– Norbert 47057 Auf der Höhe 1
– Peter 47057 Auf der Höhe 1
– Petra 47057 Aktien- 23
– Regina 47167 Sofien- 79a
– Rolf 47179 Friedrich-Ebert- 113
– Rüdiger 47059 Auf der Höhe 1
– Ute 47167 Sofien- 79a
Strunße Else 47226 Krefelder- 67
Struppat Lieselotte 47239 Buchen- 28
Strupkus Brigitte
47229 Am Bonerthof 26
– Ewald 47239 Am Bonerthof 26
– Lieselotte
47226 Schwarzenberger- 29
Strupler Eleonore 47058 Moltke- 37
– Karl-Heinz 47051 Wieberplatz 3
– Marc 47051 Wieberplatz 3
– Marliese 47051 Wieberplatz 3
Strupp Helga 47051 Mühl- 59
– Karl-Heinz 47228 Im Kirling 5
– Ursula 47228 Im Kirling 5
Struppek Willi 47051 Lahn- 3
– Klaus 47051 Lahn- 3
Strusska Christian
47179 Planeten- 29
– Genevieve 47179 Im Busch 51
– Heinz 47179 Im Busch 51
– Michael 47166 Schul- 48
– Sandra 47239 Schul- 48
– Thomas 47139 Schul- 48
Struska Frank
47178 Friedrich-Ebert- 371
– Ingrid 47178 Oswald- 2
– Manfred 47178 Friedrich-Ebert- 371
Struß Agatha 47138 Bügel- 1
Einwohner● Namen-Teil
A-DU	Firmen, Gewerbebetriebe usw. nach Namen – siehe gelber Teil
